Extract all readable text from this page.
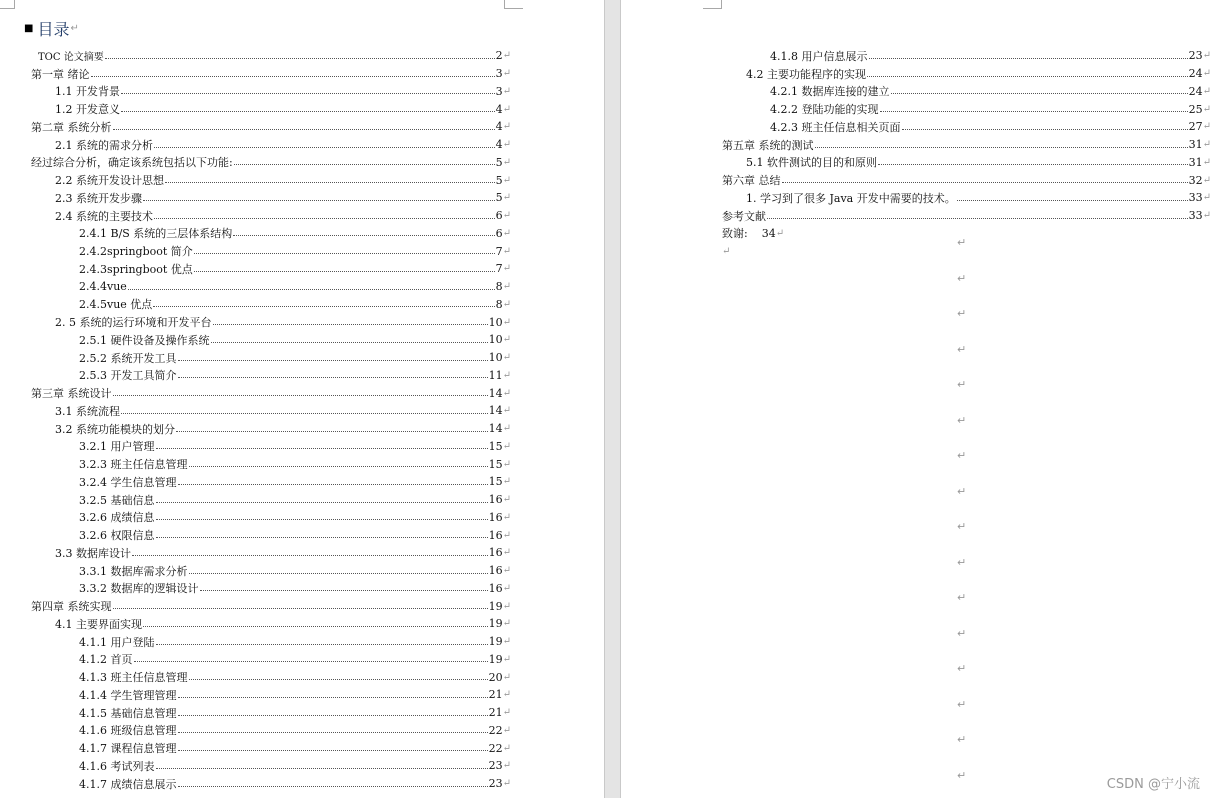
■ 目录 ↵
TOC 论文摘要	2 ↵
第一章 绪论	3 ↵
1.1 开发背景	3 ↵
1.2 开发意义	4 ↵
第二章 系统分析	4 ↵
2.1 系统的需求分析	4 ↵
经过综合分析，确定该系统包括以下功能:	5 ↵
2.2 系统开发设计思想	5 ↵
2.3 系统开发步骤	5 ↵
2.4 系统的主要技术	6 ↵
2.4.1 B/S 系统的三层体系结构	6 ↵
2.4.2springboot 简介	7 ↵
2.4.3springboot 优点	7 ↵
2.4.4vue	8 ↵
2.4.5vue 优点	8 ↵
2. 5 系统的运行环境和开发平台	10 ↵
2.5.1 硬件设备及操作系统	10 ↵
2.5.2 系统开发工具	10 ↵
2.5.3 开发工具简介	11 ↵
第三章 系统设计	14 ↵
3.1 系统流程	14 ↵
3.2 系统功能模块的划分	14 ↵
3.2.1 用户管理	15 ↵
3.2.3 班主任信息管理	15 ↵
3.2.4 学生信息管理	15 ↵
3.2.5 基础信息	16 ↵
3.2.6 成绩信息	16 ↵
3.2.6 权限信息	16 ↵
3.3 数据库设计	16 ↵
3.3.1 数据库需求分析	16 ↵
3.3.2 数据库的逻辑设计	16 ↵
第四章 系统实现	19 ↵
4.1 主要界面实现	19 ↵
4.1.1 用户登陆	19 ↵
4.1.2 首页	19 ↵
4.1.3 班主任信息管理	20 ↵
4.1.4 学生管理管理	21 ↵
4.1.5 基础信息管理	21 ↵
4.1.6 班级信息管理	22 ↵
4.1.7 课程信息管理	22 ↵
4.1.6 考试列表	23 ↵
4.1.7 成绩信息展示	23 ↵
4.1.8 用户信息展示	23 ↵
4.2 主要功能程序的实现	24 ↵
4.2.1 数据库连接的建立	24 ↵
4.2.2 登陆功能的实现	25 ↵
4.2.3 班主任信息相关页面	27 ↵
第五章 系统的测试	31 ↵
5.1 软件测试的目的和原则	31 ↵
第六章 总结	32 ↵
1. 学习到了很多 Java 开发中需要的技术。	33 ↵
参考文献	33 ↵
致谢: 34 ↵
↵
↵
↵
↵
↵
↵
↵
↵
↵
↵
↵
↵
↵
↵
↵
↵
↵
CSDN @宁小流
